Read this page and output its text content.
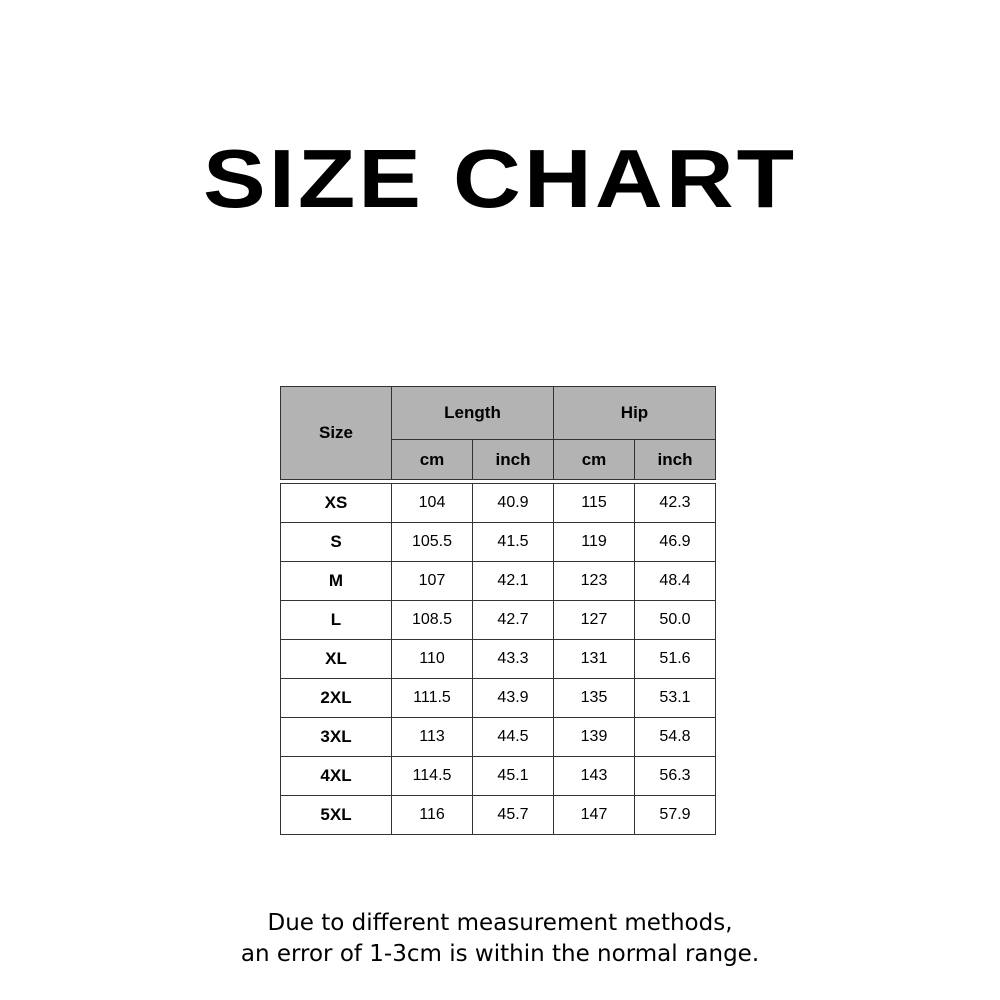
SIZE CHART
Size	Length		Hip	
	cm	inch	cm	inch

XS	104	40.9	115	42.3
S	105.5	41.5	119	46.9
M	107	42.1	123	48.4
L	108.5	42.7	127	50.0
XL	110	43.3	131	51.6
2XL	111.5	43.9	135	53.1
3XL	113	44.5	139	54.8
4XL	114.5	45.1	143	56.3
5XL	116	45.7	147	57.9
Due to different measurement methods,
an error of 1-3cm is within the normal range.
